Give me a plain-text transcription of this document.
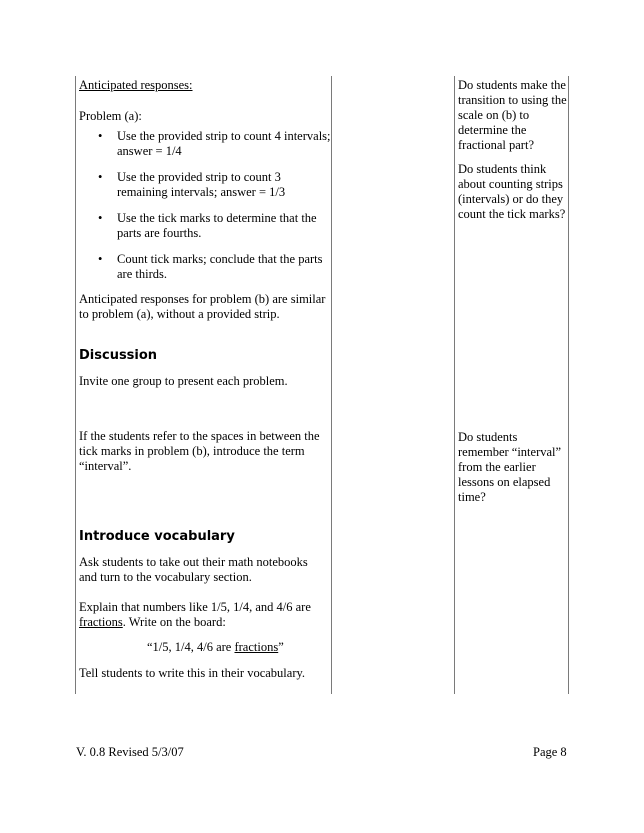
Anticipated responses:

Problem (a):

• Use the provided strip to count 4 intervals; answer = 1/4

• Use the provided strip to count 3 remaining intervals; answer = 1/3

• Use the tick marks to determine that the parts are fourths.

• Count tick marks; conclude that the parts are thirds.

Anticipated responses for problem (b) are similar to problem (a), without a provided strip.

Discussion

Invite one group to present each problem.

If the students refer to the spaces in between the tick marks in problem (b), introduce the term “interval”.

Introduce vocabulary

Ask students to take out their math notebooks and turn to the vocabulary section.

Explain that numbers like 1/5, 1/4, and 4/6 are fractions. Write on the board:

“1/5, 1/4, 4/6 are fractions”

Tell students to write this in their vocabulary.

Do students make the transition to using the scale on (b) to determine the fractional part?

Do students think about counting strips (intervals) or do they count the tick marks?

Do students remember “interval” from the earlier lessons on elapsed time?

V. 0.8 Revised 5/3/07	Page 8
